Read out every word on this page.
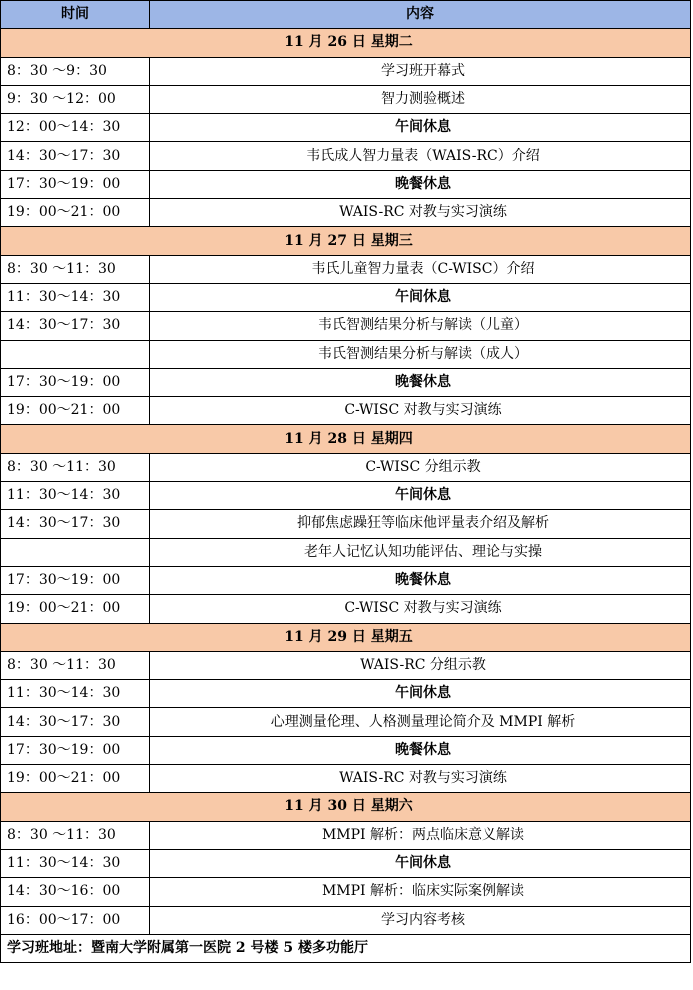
时间	内容
11 月 26 日 星期二	
8：30 ～9：30	学习班开幕式
9：30 ～12：00	智力测验概述
12：00～14：30	午间休息
14：30～17：30	韦氏成人智力量表（WAIS-RC）介绍
17：30～19：00	晚餐休息
19：00～21：00	WAIS-RC 对教与实习演练
11 月 27 日 星期三	
8：30 ～11：30	韦氏儿童智力量表（C-WISC）介绍
11：30～14：30	午间休息
14：30～17：30	韦氏智测结果分析与解读（儿童）
	韦氏智测结果分析与解读（成人）
17：30～19：00	晚餐休息
19：00～21：00	C-WISC 对教与实习演练
11 月 28 日 星期四	
8：30 ～11：30	C-WISC 分组示教
11：30～14：30	午间休息
14：30～17：30	抑郁焦虑躁狂等临床他评量表介绍及解析
	老年人记忆认知功能评估、理论与实操
17：30～19：00	晚餐休息
19：00～21：00	C-WISC 对教与实习演练
11 月 29 日 星期五	
8：30 ～11：30	WAIS-RC 分组示教
11：30～14：30	午间休息
14：30～17：30	心理测量伦理、人格测量理论简介及 MMPI 解析
17：30～19：00	晚餐休息
19：00～21：00	WAIS-RC 对教与实习演练
11 月 30 日 星期六	
8：30 ～11：30	MMPI 解析：两点临床意义解读
11：30～14：30	午间休息
14：30～16：00	MMPI 解析：临床实际案例解读
16：00～17：00	学习内容考核
学习班地址：暨南大学附属第一医院 2 号楼 5 楼多功能厅	
